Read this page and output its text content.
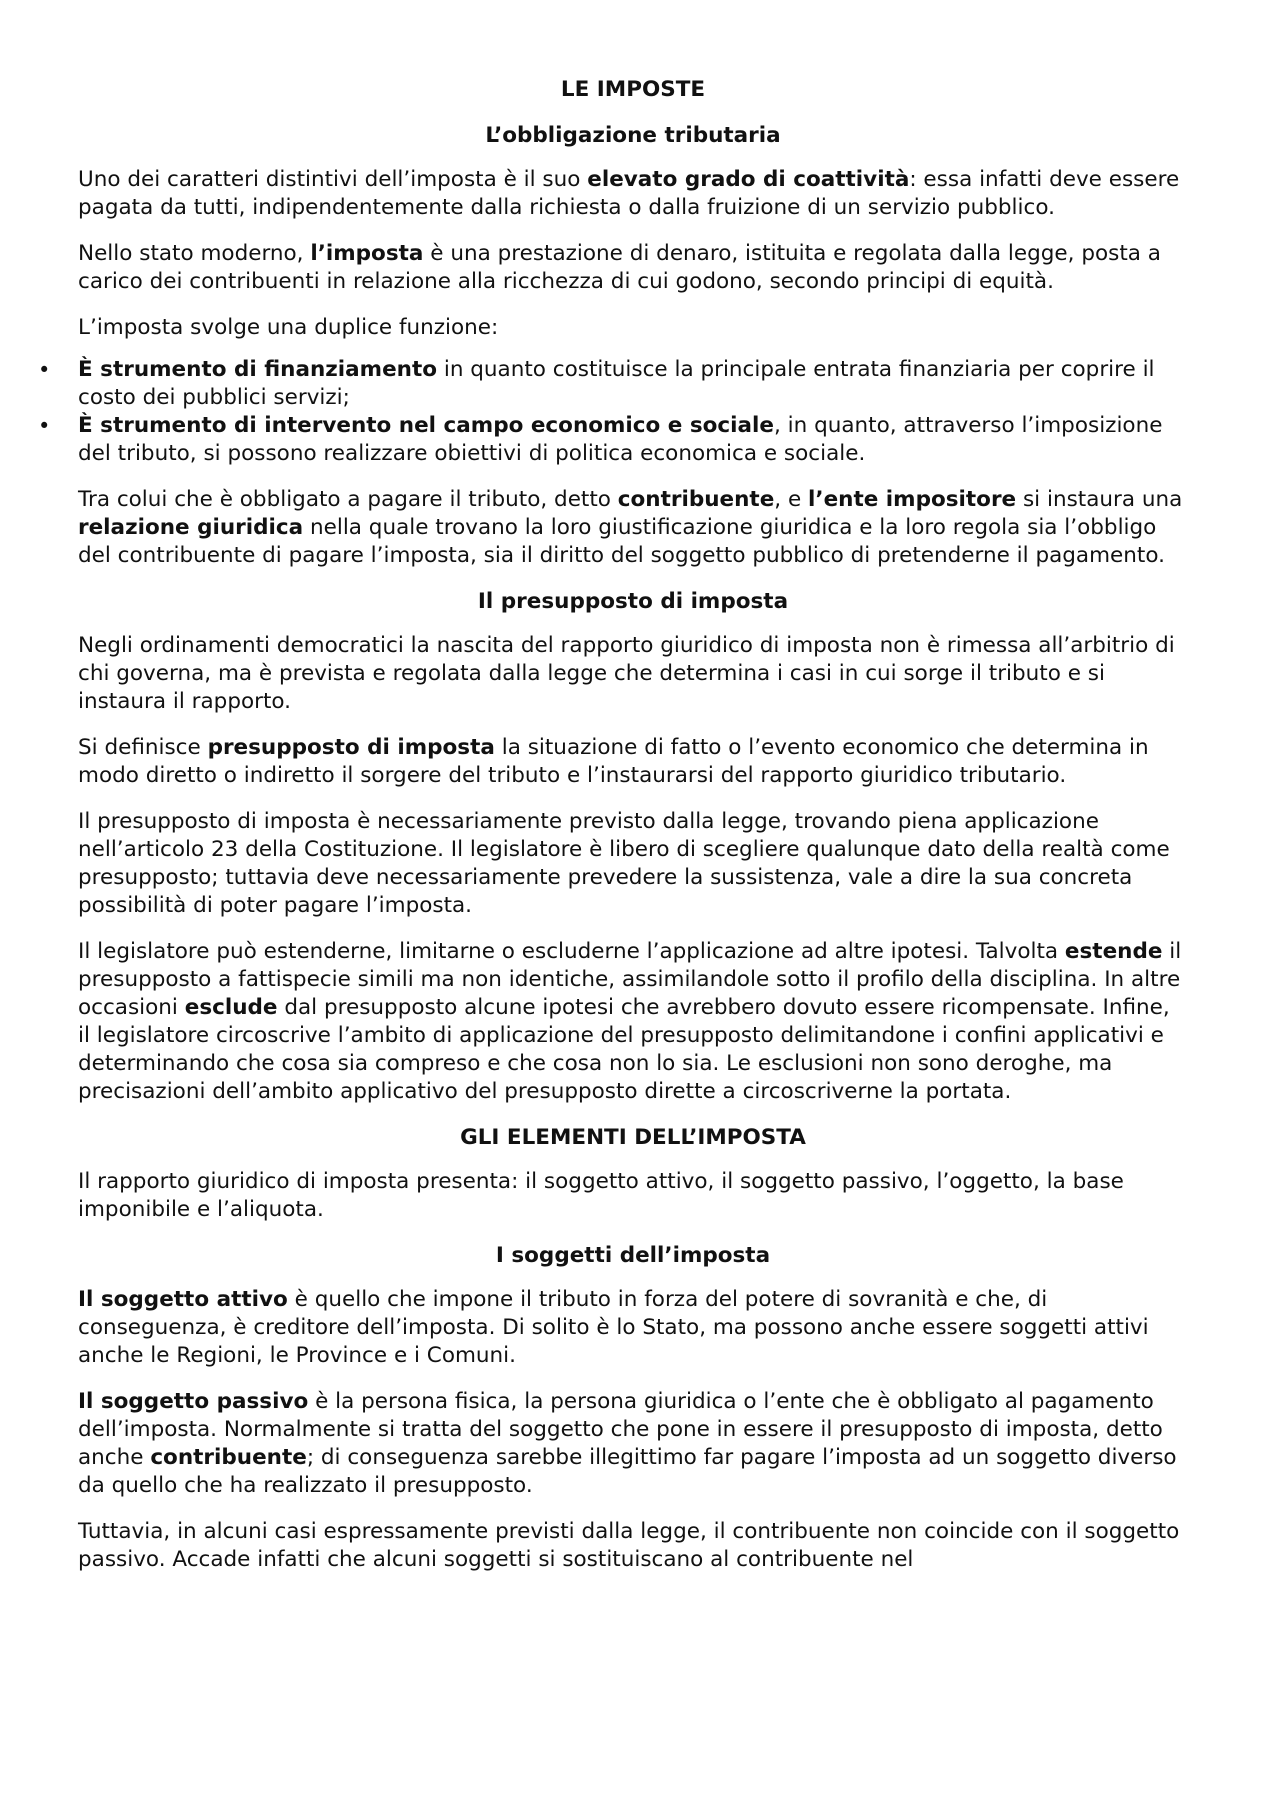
LE IMPOSTE
L’obbligazione tributaria

Uno dei caratteri distintivi dell’imposta è il suo elevato grado di coattività: essa infatti deve essere pagata da tutti, indipendentemente dalla richiesta o dalla fruizione di un servizio pubblico.

Nello stato moderno, l’imposta è una prestazione di denaro, istituita e regolata dalla legge, posta a carico dei contribuenti in relazione alla ricchezza di cui godono, secondo principi di equità.

L’imposta svolge una duplice funzione:

• È strumento di finanziamento in quanto costituisce la principale entrata finanziaria per coprire il costo dei pubblici servizi;
• È strumento di intervento nel campo economico e sociale, in quanto, attraverso l’imposizione del tributo, si possono realizzare obiettivi di politica economica e sociale.

Tra colui che è obbligato a pagare il tributo, detto contribuente, e l’ente impositore si instaura una relazione giuridica nella quale trovano la loro giustificazione giuridica e la loro regola sia l’obbligo del contribuente di pagare l’imposta, sia il diritto del soggetto pubblico di pretenderne il pagamento.

Il presupposto di imposta

Negli ordinamenti democratici la nascita del rapporto giuridico di imposta non è rimessa all’arbitrio di chi governa, ma è prevista e regolata dalla legge che determina i casi in cui sorge il tributo e si instaura il rapporto.

Si definisce presupposto di imposta la situazione di fatto o l’evento economico che determina in modo diretto o indiretto il sorgere del tributo e l’instaurarsi del rapporto giuridico tributario.

Il presupposto di imposta è necessariamente previsto dalla legge, trovando piena applicazione nell’articolo 23 della Costituzione. Il legislatore è libero di scegliere qualunque dato della realtà come presupposto; tuttavia deve necessariamente prevedere la sussistenza, vale a dire la sua concreta possibilità di poter pagare l’imposta.

Il legislatore può estenderne, limitarne o escluderne l’applicazione ad altre ipotesi. Talvolta estende il presupposto a fattispecie simili ma non identiche, assimilandole sotto il profilo della disciplina. In altre occasioni esclude dal presupposto alcune ipotesi che avrebbero dovuto essere ricompensate. Infine, il legislatore circoscrive l’ambito di applicazione del presupposto delimitandone i confini applicativi e determinando che cosa sia compreso e che cosa non lo sia. Le esclusioni non sono deroghe, ma precisazioni dell’ambito applicativo del presupposto dirette a circoscriverne la portata.

GLI ELEMENTI DELL’IMPOSTA

Il rapporto giuridico di imposta presenta: il soggetto attivo, il soggetto passivo, l’oggetto, la base imponibile e l’aliquota.

I soggetti dell’imposta

Il soggetto attivo è quello che impone il tributo in forza del potere di sovranità e che, di conseguenza, è creditore dell’imposta. Di solito è lo Stato, ma possono anche essere soggetti attivi anche le Regioni, le Province e i Comuni.

Il soggetto passivo è la persona fisica, la persona giuridica o l’ente che è obbligato al pagamento dell’imposta. Normalmente si tratta del soggetto che pone in essere il presupposto di imposta, detto anche contribuente; di conseguenza sarebbe illegittimo far pagare l’imposta ad un soggetto diverso da quello che ha realizzato il presupposto.

Tuttavia, in alcuni casi espressamente previsti dalla legge, il contribuente non coincide con il soggetto passivo. Accade infatti che alcuni soggetti si sostituiscano al contribuente nel
